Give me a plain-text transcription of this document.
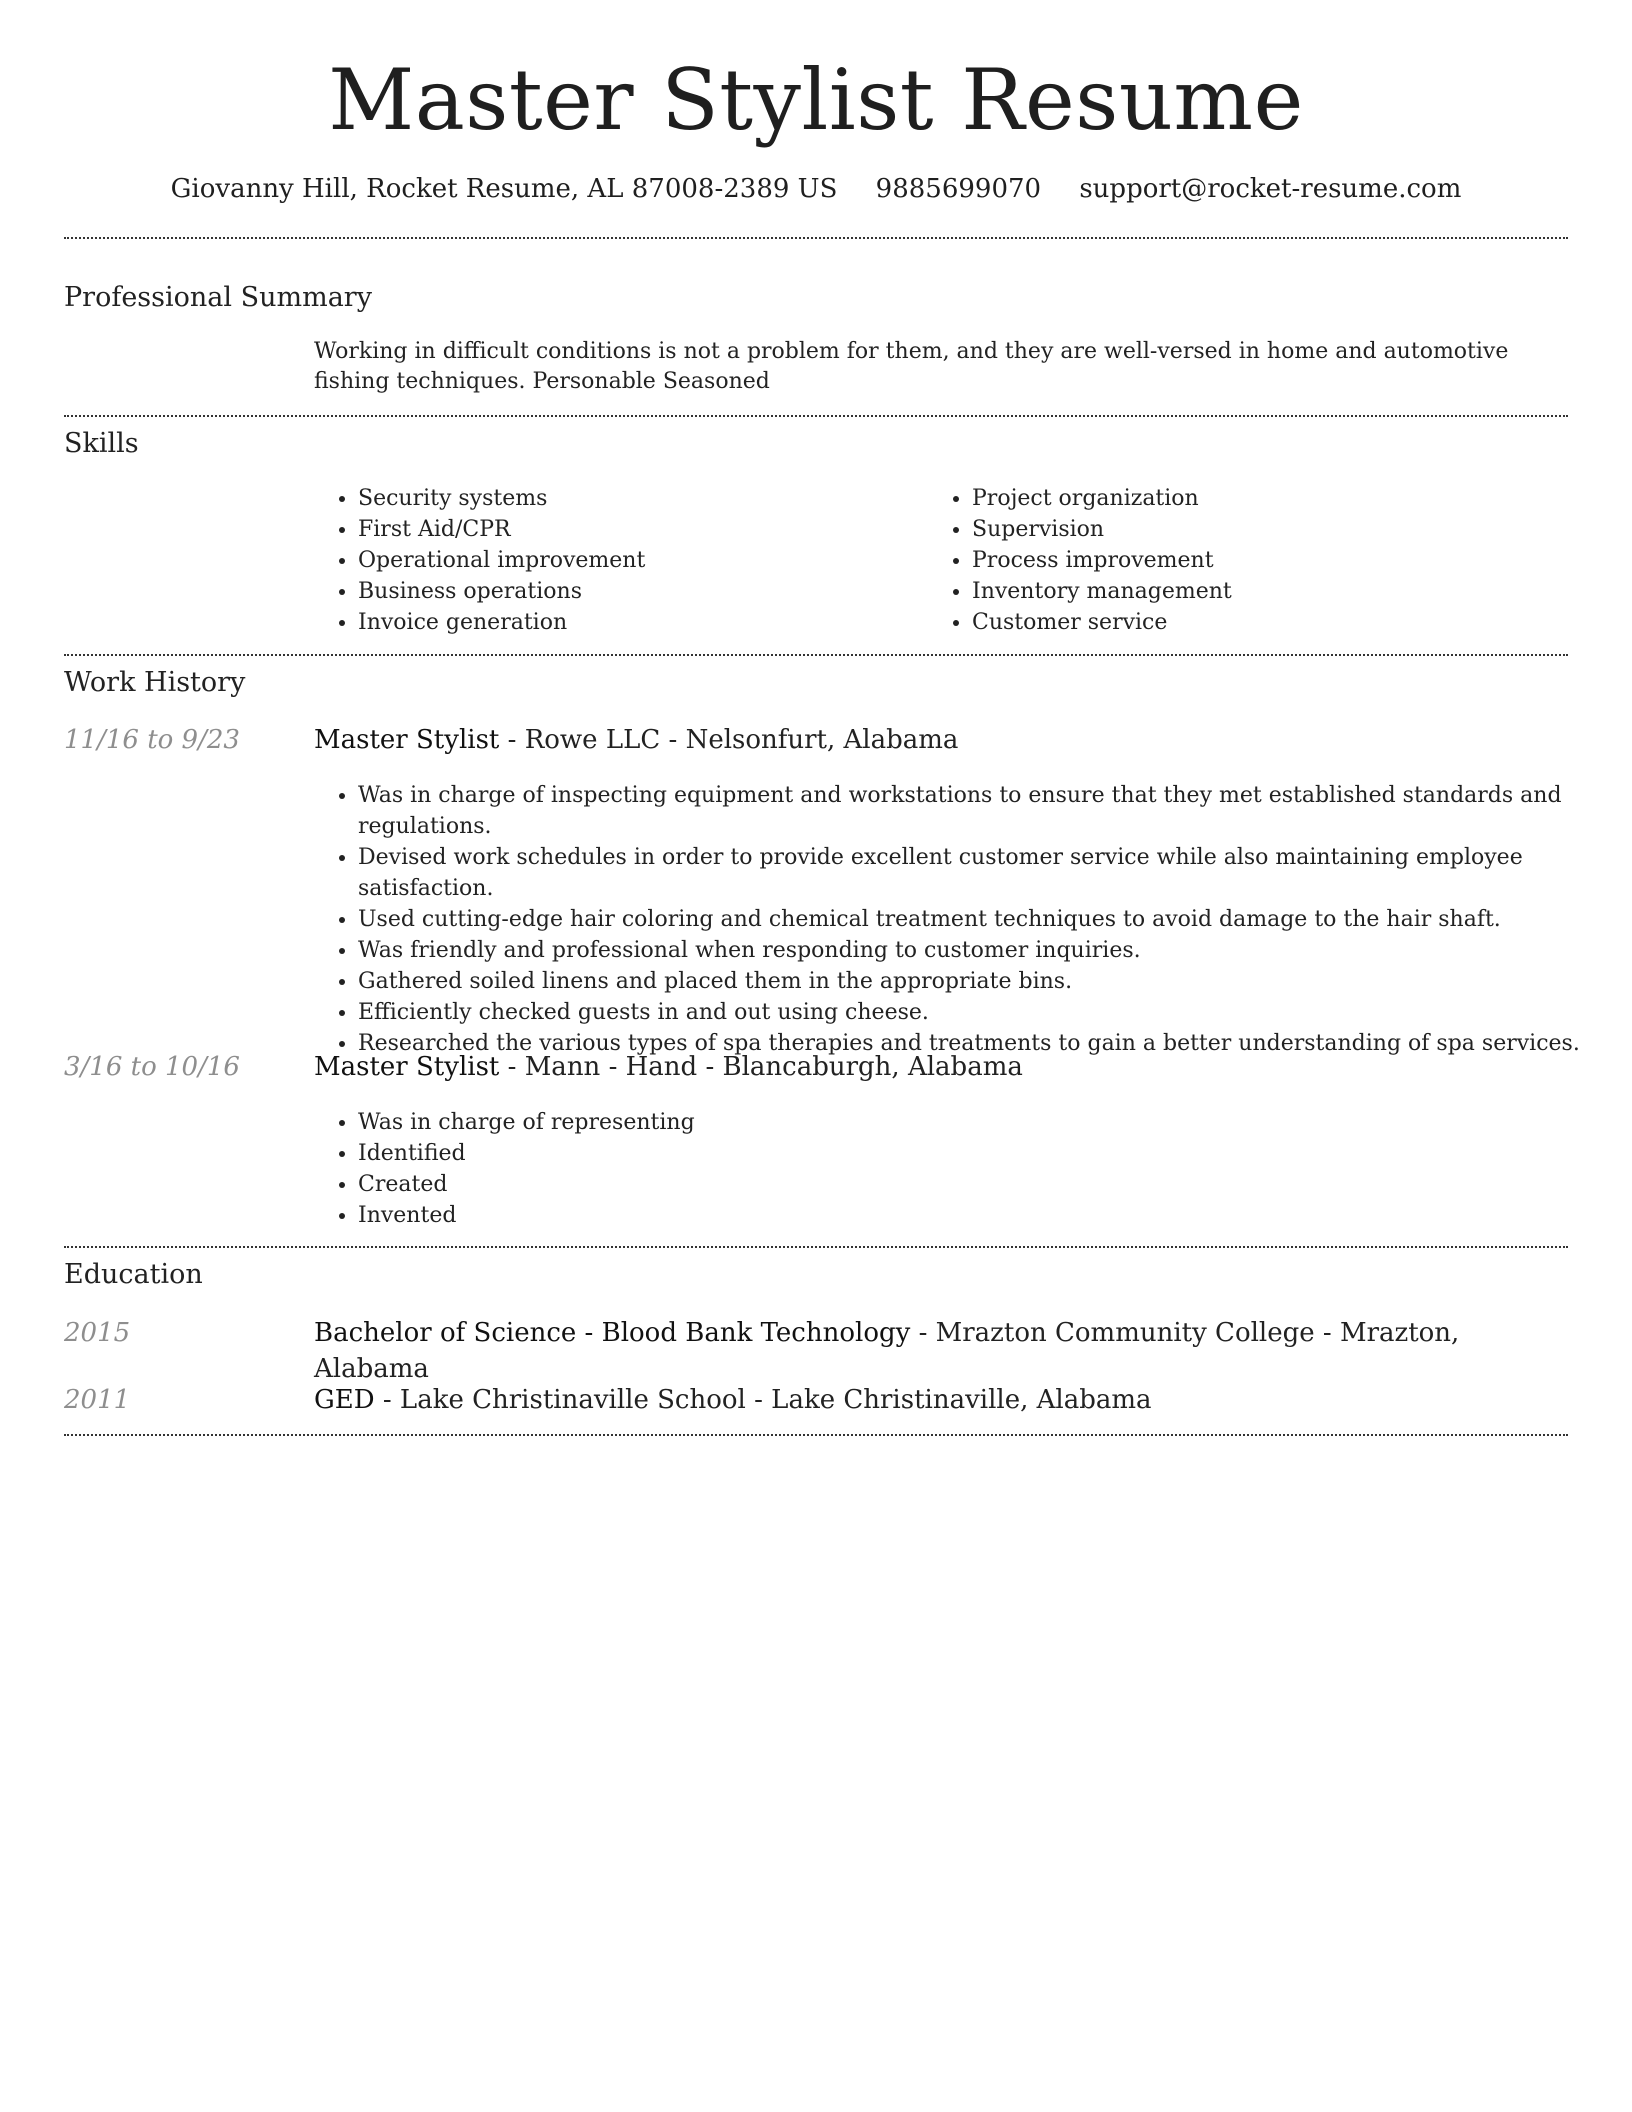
Master Stylist Resume
Giovanny Hill, Rocket Resume, AL 87008-2389 US 9885699070 support@rocket-resume.com
Professional Summary
Working in difficult conditions is not a problem for them, and they are well-versed in home and automotive fishing techniques. Personable Seasoned
Skills
• Security systems
• First Aid/CPR
• Operational improvement
• Business operations
• Invoice generation
• Project organization
• Supervision
• Process improvement
• Inventory management
• Customer service
Work History
11/16 to 9/23	Master Stylist - Rowe LLC - Nelsonfurt, Alabama
• Was in charge of inspecting equipment and workstations to ensure that they met established standards and regulations.
• Devised work schedules in order to provide excellent customer service while also maintaining employee satisfaction.
• Used cutting-edge hair coloring and chemical treatment techniques to avoid damage to the hair shaft.
• Was friendly and professional when responding to customer inquiries.
• Gathered soiled linens and placed them in the appropriate bins.
• Efficiently checked guests in and out using cheese.
• Researched the various types of spa therapies and treatments to gain a better understanding of spa services.
3/16 to 10/16	Master Stylist - Mann - Hand - Blancaburgh, Alabama
• Was in charge of representing
• Identified
• Created
• Invented
Education
2015	Bachelor of Science - Blood Bank Technology - Mrazton Community College - Mrazton, Alabama
2011	GED - Lake Christinaville School - Lake Christinaville, Alabama
